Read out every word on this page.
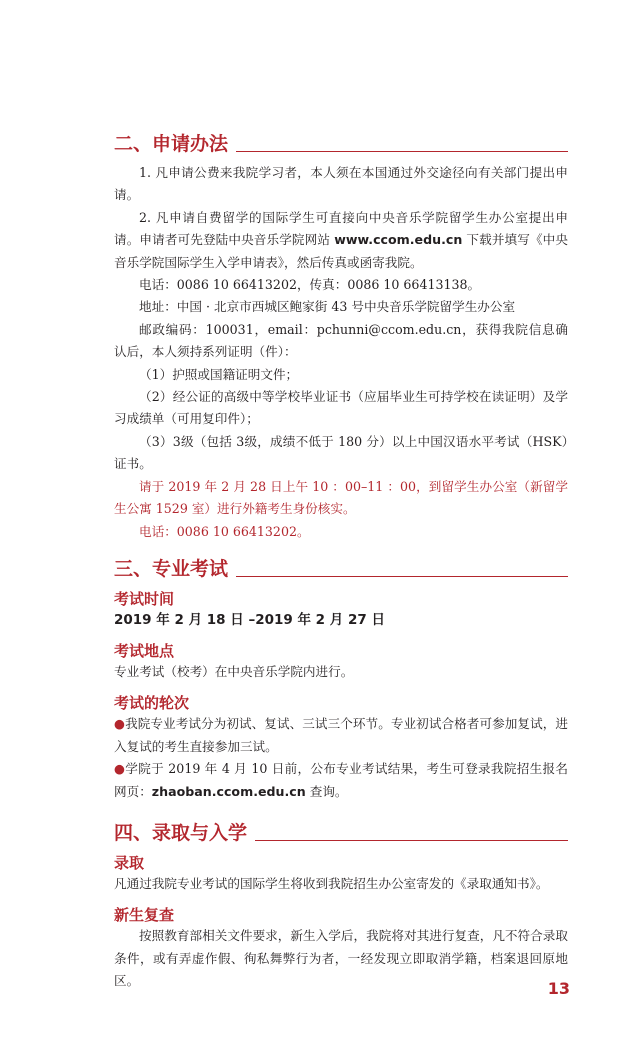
二、申请办法

1. 凡申请公费来我院学习者，本人须在本国通过外交途径向有关部门提出申请。

2. 凡申请自费留学的国际学生可直接向中央音乐学院留学生办公室提出申请。申请者可先登陆中央音乐学院网站 www.ccom.edu.cn 下载并填写《中央音乐学院国际学生入学申请表》，然后传真或函寄我院。

电话：0086 10 66413202，传真：0086 10 66413138。

地址：中国 · 北京市西城区鲍家街 43 号中央音乐学院留学生办公室

邮政编码：100031，email：pchunni@ccom.edu.cn，获得我院信息确认后，本人须持系列证明（件）：

（1）护照或国籍证明文件；

（2）经公证的高级中等学校毕业证书（应届毕业生可持学校在读证明）及学习成绩单（可用复印件）；

（3）3级（包括 3级，成绩不低于 180 分）以上中国汉语水平考试（HSK）证书。

请于 2019 年 2 月 28 日上午 10 ：00–11 ：00，到留学生办公室（新留学生公寓 1529 室）进行外籍考生身份核实。

电话：0086 10 66413202。

三、专业考试
考试时间

2019 年 2 月 18 日 –2019 年 2 月 27 日

考试地点

专业考试（校考）在中央音乐学院内进行。

考试的轮次

●我院专业考试分为初试、复试、三试三个环节。专业初试合格者可参加复试，进入复试的考生直接参加三试。

●学院于 2019 年 4 月 10 日前，公布专业考试结果，考生可登录我院招生报名网页：zhaoban.ccom.edu.cn 查询。

四、录取与入学
录取

凡通过我院专业考试的国际学生将收到我院招生办公室寄发的《录取通知书》。

新生复查

按照教育部相关文件要求，新生入学后，我院将对其进行复查，凡不符合录取条件，或有弄虚作假、徇私舞弊行为者，一经发现立即取消学籍，档案退回原地区。	13
